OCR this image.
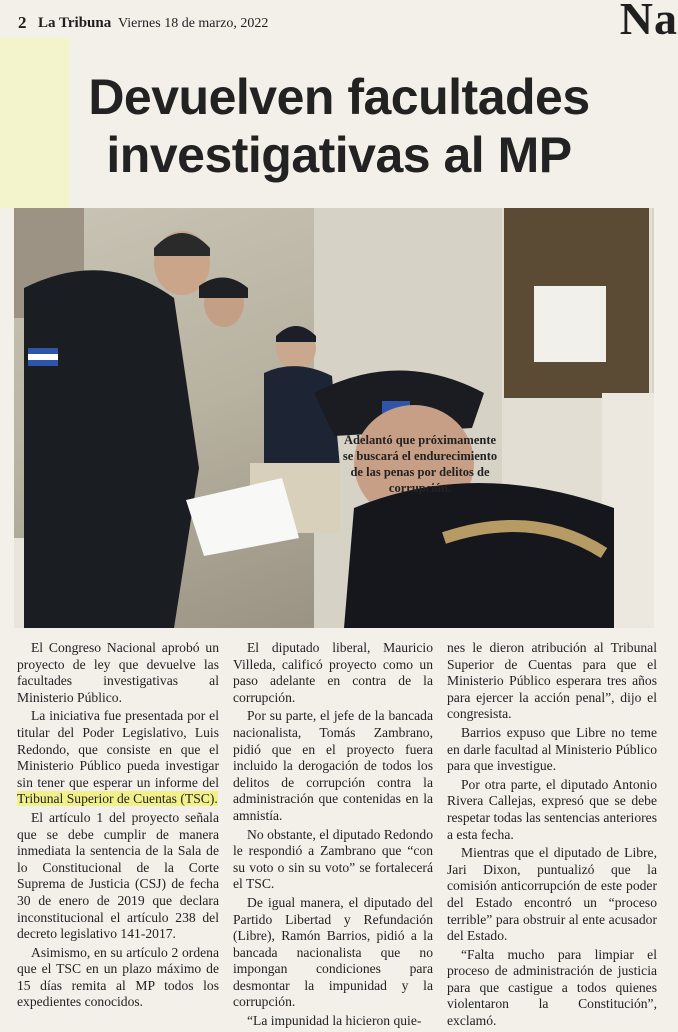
2 La Tribuna Viernes 18 de marzo, 2022	Na
Devuelven facultades
investigativas al MP
Adelantó que próximamente se buscará el endurecimiento de las penas por delitos de corrupción.

El Congreso Nacional aprobó un proyecto de ley que devuelve las facultades investigativas al Ministerio Público.

La iniciativa fue presentada por el titular del Poder Legislativo, Luis Redondo, que consiste en que el Ministerio Público pueda investigar sin tener que esperar un informe del Tribunal Superior de Cuentas (TSC).

El artículo 1 del proyecto señala que se debe cumplir de manera inmediata la sentencia de la Sala de lo Constitucional de la Corte Suprema de Justicia (CSJ) de fecha 30 de enero de 2019 que declara inconstitucional el artículo 238 del decreto legislativo 141-2017.

Asimismo, en su artículo 2 ordena que el TSC en un plazo máximo de 15 días remita al MP todos los expedientes conocidos.

El diputado liberal, Mauricio Villeda, calificó proyecto como un paso adelante en contra de la corrupción.

Por su parte, el jefe de la bancada nacionalista, Tomás Zambrano, pidió que en el proyecto fuera incluido la derogación de todos los delitos de corrupción contra la administración que contenidas en la amnistía.

No obstante, el diputado Redondo le respondió a Zambrano que “con su voto o sin su voto” se fortalecerá el TSC.

De igual manera, el diputado del Partido Libertad y Refundación (Libre), Ramón Barrios, pidió a la bancada nacionalista que no impongan condiciones para desmontar la impunidad y la corrupción.

“La impunidad la hicieron quie-

nes le dieron atribución al Tribunal Superior de Cuentas para que el Ministerio Público esperara tres años para ejercer la acción penal”, dijo el congresista.

Barrios expuso que Libre no teme en darle facultad al Ministerio Público para que investigue.

Por otra parte, el diputado Antonio Rivera Callejas, expresó que se debe respetar todas las sentencias anteriores a esta fecha.

Mientras que el diputado de Libre, Jari Dixon, puntualizó que la comisión anticorrupción de este poder del Estado encontró un “proceso terrible” para obstruir al ente acusador del Estado.

“Falta mucho para limpiar el proceso de administración de justicia para que castigue a todos quienes violentaron la Constitución”, exclamó.
